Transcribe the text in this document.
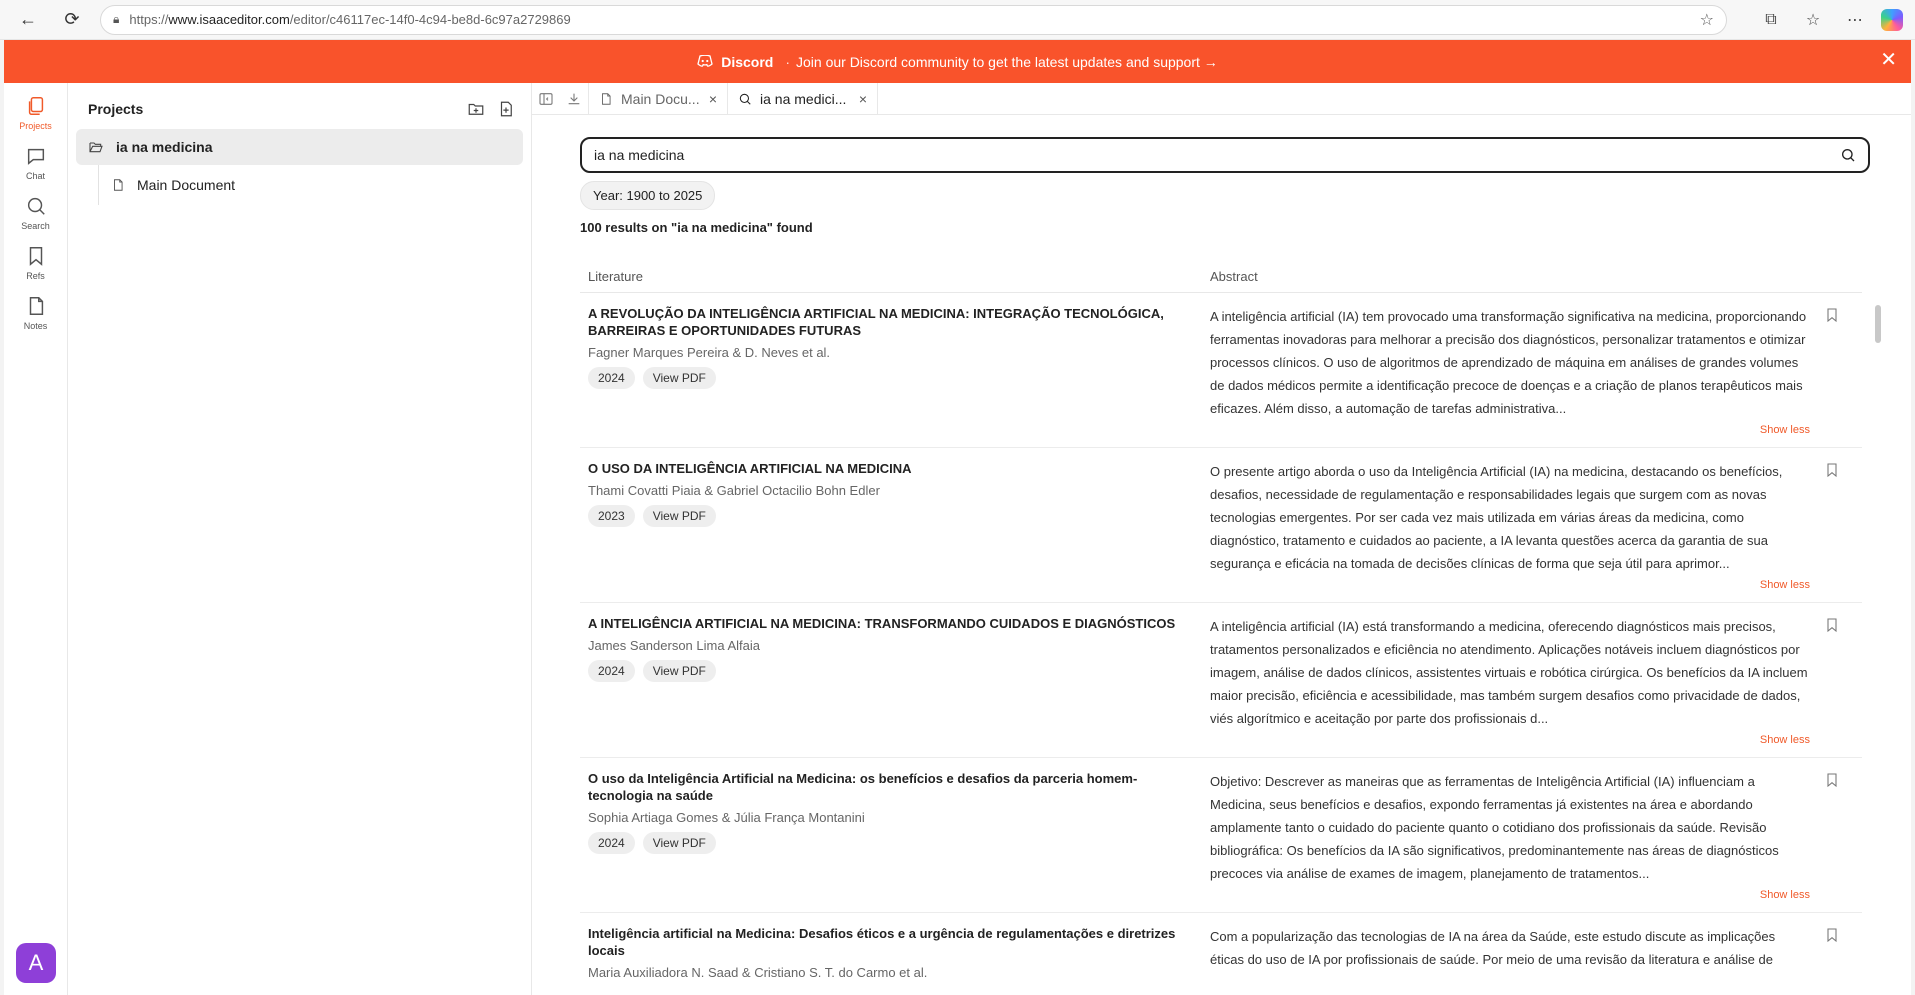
←	⟳	🔒︎ https://www.isaaceditor.com/editor/c46117ec-14f0-4c94-be8d-6c97a2729869	☆	⧉	☆	⋯
Discord · Join our Discord community to get the latest updates and support →	✕
Projects
Chat
Search
Refs
Notes
A
Projects
ia na medicina
Main Document
Main Docu... ×	ia na medici... ×
ia na medicina
Year: 1900 to 2025
100 results on "ia na medicina" found
Literature	Abstract
A REVOLUÇÃO DA INTELIGÊNCIA ARTIFICIAL NA MEDICINA: INTEGRAÇÃO TECNOLÓGICA, BARREIRAS E OPORTUNIDADES FUTURAS
Fagner Marques Pereira & D. Neves et al.
2024	View PDF
A inteligência artificial (IA) tem provocado uma transformação significativa na medicina, proporcionando ferramentas inovadoras para melhorar a precisão dos diagnósticos, personalizar tratamentos e otimizar processos clínicos. O uso de algoritmos de aprendizado de máquina em análises de grandes volumes de dados médicos permite a identificação precoce de doenças e a criação de planos terapêuticos mais eficazes. Além disso, a automação de tarefas administrativa...
Show less
O USO DA INTELIGÊNCIA ARTIFICIAL NA MEDICINA
Thami Covatti Piaia & Gabriel Octacilio Bohn Edler
2023	View PDF
O presente artigo aborda o uso da Inteligência Artificial (IA) na medicina, destacando os benefícios, desafios, necessidade de regulamentação e responsabilidades legais que surgem com as novas tecnologias emergentes. Por ser cada vez mais utilizada em várias áreas da medicina, como diagnóstico, tratamento e cuidados ao paciente, a IA levanta questões acerca da garantia de sua segurança e eficácia na tomada de decisões clínicas de forma que seja útil para aprimor...
Show less
A INTELIGÊNCIA ARTIFICIAL NA MEDICINA: TRANSFORMANDO CUIDADOS E DIAGNÓSTICOS
James Sanderson Lima Alfaia
2024	View PDF
A inteligência artificial (IA) está transformando a medicina, oferecendo diagnósticos mais precisos, tratamentos personalizados e eficiência no atendimento. Aplicações notáveis incluem diagnósticos por imagem, análise de dados clínicos, assistentes virtuais e robótica cirúrgica. Os benefícios da IA incluem maior precisão, eficiência e acessibilidade, mas também surgem desafios como privacidade de dados, viés algorítmico e aceitação por parte dos profissionais d...
Show less
O uso da Inteligência Artificial na Medicina: os benefícios e desafios da parceria homem-tecnologia na saúde
Sophia Artiaga Gomes & Júlia França Montanini
2024	View PDF
Objetivo: Descrever as maneiras que as ferramentas de Inteligência Artificial (IA) influenciam a Medicina, seus benefícios e desafios, expondo ferramentas já existentes na área e abordando amplamente tanto o cuidado do paciente quanto o cotidiano dos profissionais da saúde. Revisão bibliográfica: Os benefícios da IA são significativos, predominantemente nas áreas de diagnósticos precoces via análise de exames de imagem, planejamento de tratamentos...
Show less
Inteligência artificial na Medicina: Desafios éticos e a urgência de regulamentações e diretrizes locais
Maria Auxiliadora N. Saad & Cristiano S. T. do Carmo et al.
Com a popularização das tecnologias de IA na área da Saúde, este estudo discute as implicações éticas do uso de IA por profissionais de saúde. Por meio de uma revisão da literatura e análise de
